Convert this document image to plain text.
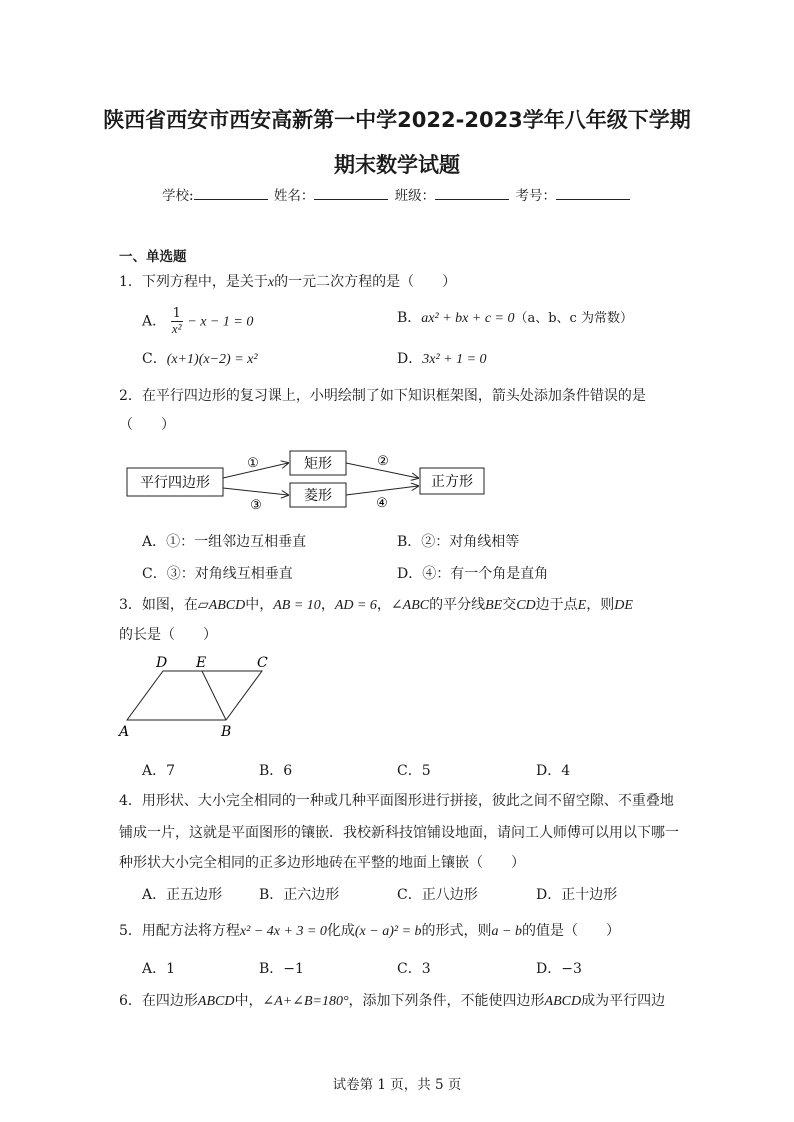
陕西省西安市西安高新第一中学2022-2023学年八年级下学期
期末数学试题
学校:	姓名：	班级：	考号：
一、单选题
1．下列方程中，是关于x的一元二次方程的是（　　）
A． $\frac{1}{\text{x²}} - x - 1 = 0$	B．ax² + bx + c = 0（a、b、c 为常数）
C．(x+1)(x−2) = x²	D．3x² + 1 = 0
2．在平行四边形的复习课上，小明绘制了如下知识框架图，箭头处添加条件错误的是
（　　）
平行四边形
矩形
菱形
正方形
①	②
③	④
A．①：一组邻边互相垂直	B．②：对角线相等
C．③：对角线互相垂直	D．④：有一个角是直角
3．如图，在▱ABCD中，AB = 10，AD = 6，∠ABC的平分线BE交CD边于点E，则DE
的长是（　　）
D E	C
A	B
A．7	B．6	C．5	D．4
4．用形状、大小完全相同的一种或几种平面图形进行拼接，彼此之间不留空隙、不重叠地
铺成一片，这就是平面图形的镶嵌．我校新科技馆铺设地面，请问工人师傅可以用以下哪一
种形状大小完全相同的正多边形地砖在平整的地面上镶嵌（　　）
A．正五边形	B．正六边形	C．正八边形	D．正十边形
5．用配方法将方程x² − 4x + 3 = 0化成(x − a)² = b的形式，则a − b的值是（　　）
A．1	B．−1	C．3	D．−3
6．在四边形ABCD中，∠A+∠B=180°，添加下列条件，不能使四边形ABCD成为平行四边
试卷第 1 页，共 5 页
